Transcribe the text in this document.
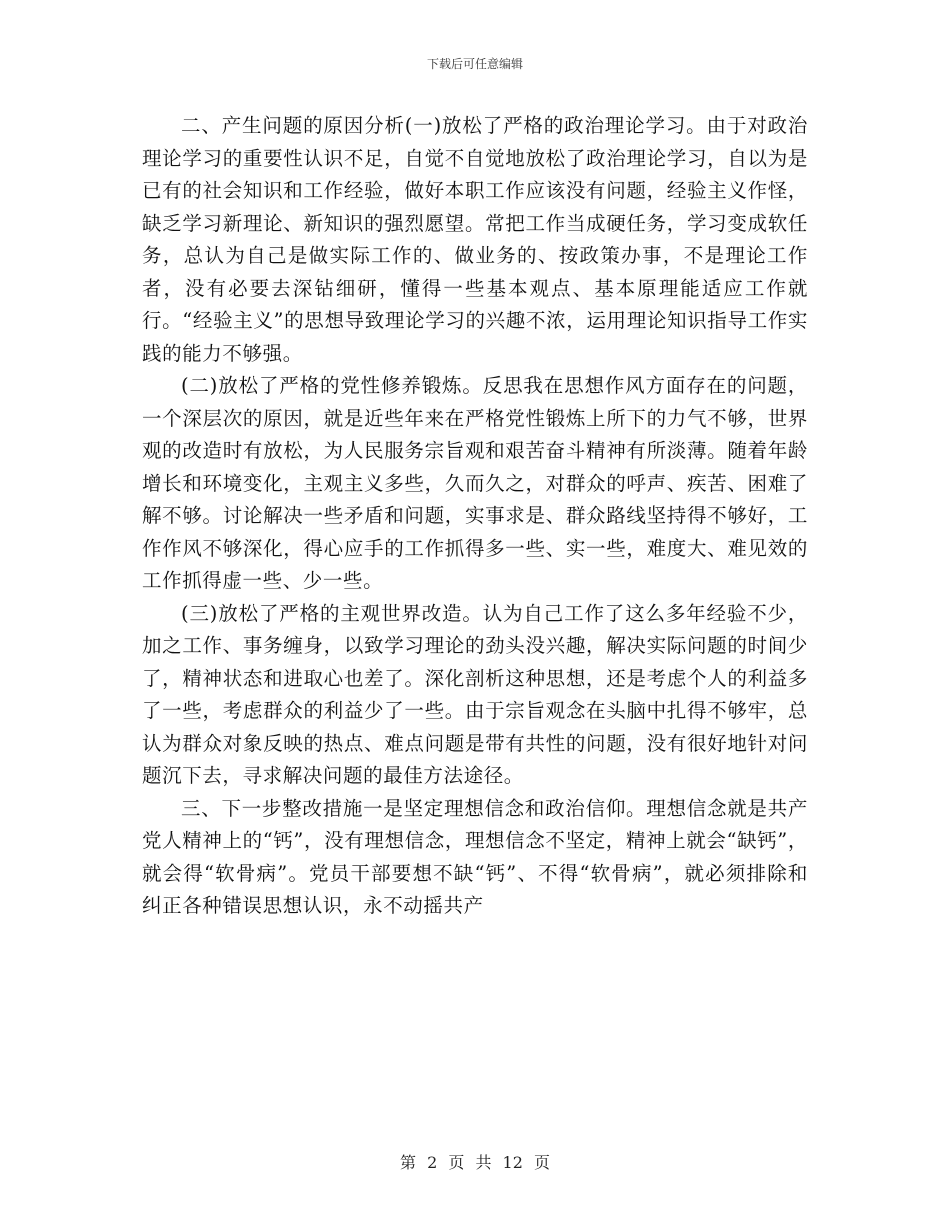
下载后可任意编辑

二、产生问题的原因分析(一)放松了严格的政治理论学习。由于对政治理论学习的重要性认识不足，自觉不自觉地放松了政治理论学习，自以为是已有的社会知识和工作经验，做好本职工作应该没有问题，经验主义作怪，缺乏学习新理论、新知识的强烈愿望。常把工作当成硬任务，学习变成软任务，总认为自己是做实际工作的、做业务的、按政策办事，不是理论工作者，没有必要去深钻细研，懂得一些基本观点、基本原理能适应工作就行。“经验主义”的思想导致理论学习的兴趣不浓，运用理论知识指导工作实践的能力不够强。

(二)放松了严格的党性修养锻炼。反思我在思想作风方面存在的问题，一个深层次的原因，就是近些年来在严格党性锻炼上所下的力气不够，世界观的改造时有放松，为人民服务宗旨观和艰苦奋斗精神有所淡薄。随着年龄增长和环境变化，主观主义多些，久而久之，对群众的呼声、疾苦、困难了解不够。讨论解决一些矛盾和问题，实事求是、群众路线坚持得不够好，工作作风不够深化，得心应手的工作抓得多一些、实一些，难度大、难见效的工作抓得虚一些、少一些。

(三)放松了严格的主观世界改造。认为自己工作了这么多年经验不少，加之工作、事务缠身，以致学习理论的劲头没兴趣，解决实际问题的时间少了，精神状态和进取心也差了。深化剖析这种思想，还是考虑个人的利益多了一些，考虑群众的利益少了一些。由于宗旨观念在头脑中扎得不够牢，总认为群众对象反映的热点、难点问题是带有共性的问题，没有很好地针对问题沉下去，寻求解决问题的最佳方法途径。

三、下一步整改措施一是坚定理想信念和政治信仰。理想信念就是共产党人精神上的“钙”，没有理想信念，理想信念不坚定，精神上就会“缺钙”，就会得“软骨病”。党员干部要想不缺“钙”、不得“软骨病”，就必须排除和纠正各种错误思想认识，永不动摇共产

第 2 页 共 12 页
